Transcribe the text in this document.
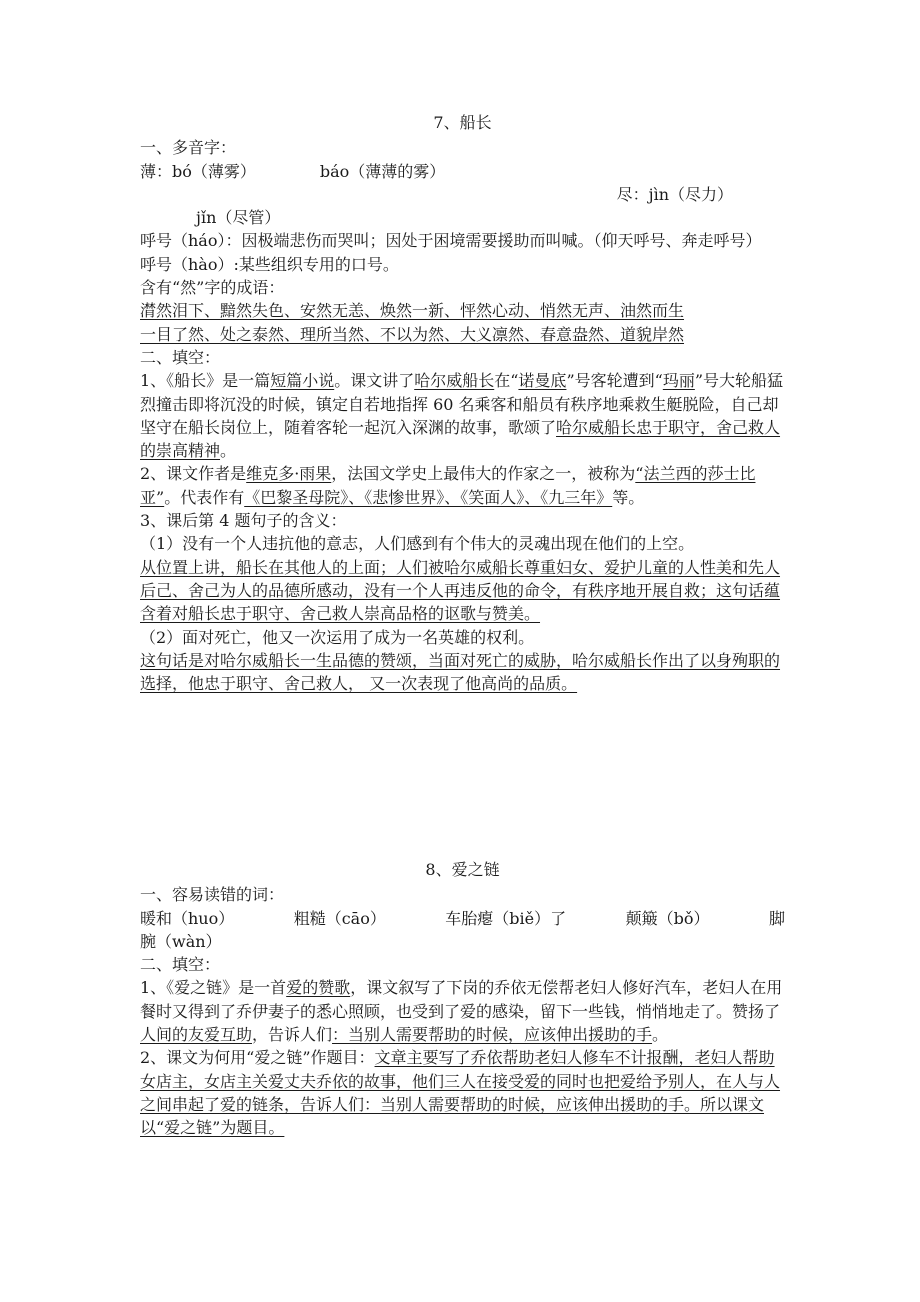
7、船长

一、多音字：

薄：bó（薄雾）	báo（薄薄的雾）

尽：jìn（尽力）

jǐn（尽管）

呼号（háo）：因极端悲伤而哭叫；因处于困境需要援助而叫喊。（仰天呼号、奔走呼号）

呼号（hào）:某些组织专用的口号。

含有“然”字的成语：

潸然泪下、黯然失色、安然无恙、焕然一新、怦然心动、悄然无声、油然而生

一目了然、处之泰然、理所当然、不以为然、大义凛然、春意盎然、道貌岸然

二、填空：

1、《船长》是一篇短篇小说。课文讲了哈尔威船长在“诺曼底”号客轮遭到“玛丽”号大轮船猛烈撞击即将沉没的时候，镇定自若地指挥 60 名乘客和船员有秩序地乘救生艇脱险，自己却坚守在船长岗位上，随着客轮一起沉入深渊的故事，歌颂了哈尔威船长忠于职守，舍己救人的崇高精神。

2、课文作者是维克多·雨果，法国文学史上最伟大的作家之一，被称为“法兰西的莎士比亚”。代表作有《巴黎圣母院》、《悲惨世界》、《笑面人》、《九三年》等。

3、课后第 4 题句子的含义：

（1）没有一个人违抗他的意志，人们感到有个伟大的灵魂出现在他们的上空。

从位置上讲，船长在其他人的上面；人们被哈尔威船长尊重妇女、爱护儿童的人性美和先人后己、舍己为人的品德所感动，没有一个人再违反他的命令，有秩序地开展自救；这句话蕴含着对船长忠于职守、舍己救人崇高品格的讴歌与赞美。

（2）面对死亡，他又一次运用了成为一名英雄的权利。

这句话是对哈尔威船长一生品德的赞颂，当面对死亡的威胁，哈尔威船长作出了以身殉职的选择，他忠于职守、舍己救人， 又一次表现了他高尚的品质。

8、爱之链

一、容易读错的词：

暖和（huo）	粗糙（cāo）	车胎瘪（biě）了	颠簸（bǒ）	脚

腕（wàn）

二、填空：

1、《爱之链》是一首爱的赞歌，课文叙写了下岗的乔依无偿帮老妇人修好汽车，老妇人在用餐时又得到了乔伊妻子的悉心照顾，也受到了爱的感染，留下一些钱，悄悄地走了。赞扬了人间的友爱互助，告诉人们：当别人需要帮助的时候，应该伸出援助的手。

2、课文为何用“爱之链”作题目：文章主要写了乔依帮助老妇人修车不计报酬，老妇人帮助女店主，女店主关爱丈夫乔依的故事，他们三人在接受爱的同时也把爱给予别人，在人与人之间串起了爱的链条，告诉人们：当别人需要帮助的时候，应该伸出援助的手。所以课文以“爱之链”为题目。
